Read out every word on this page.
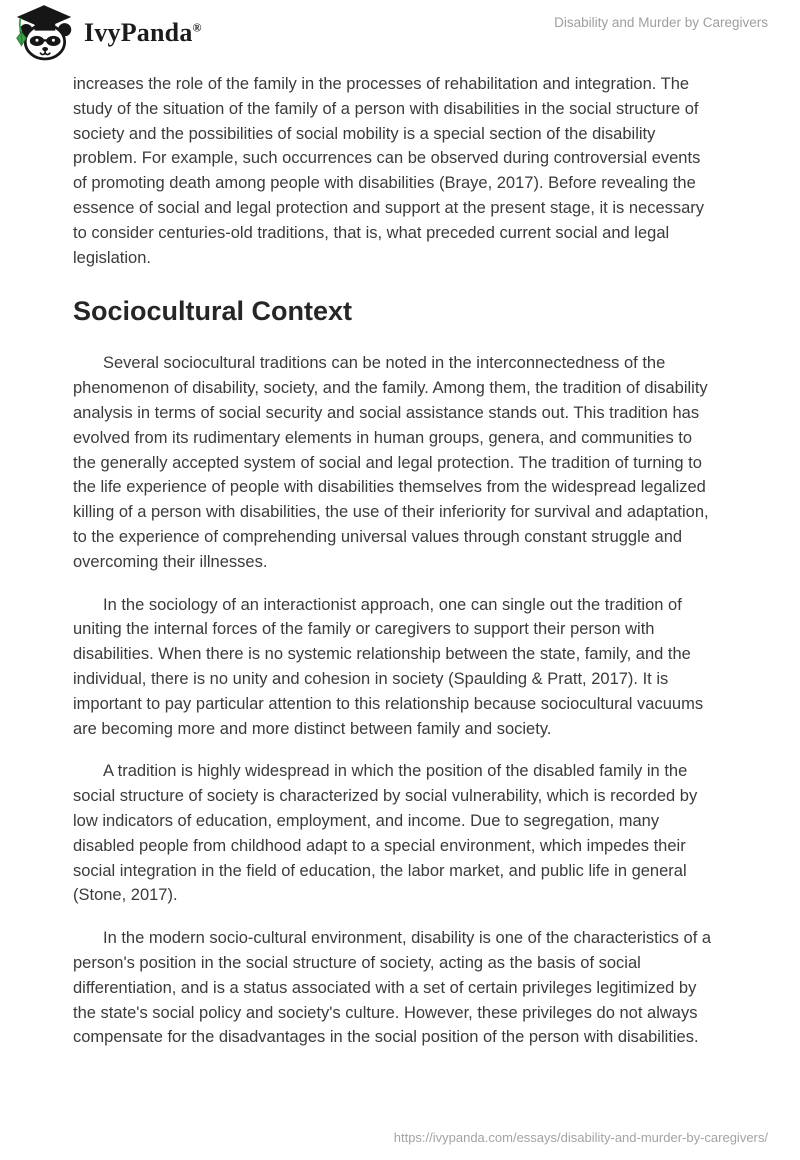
IvyPanda®	Disability and Murder by Caregivers

increases the role of the family in the processes of rehabilitation and integration. The study of the situation of the family of a person with disabilities in the social structure of society and the possibilities of social mobility is a special section of the disability problem. For example, such occurrences can be observed during controversial events of promoting death among people with disabilities (Braye, 2017). Before revealing the essence of social and legal protection and support at the present stage, it is necessary to consider centuries-old traditions, that is, what preceded current social and legal legislation.

Sociocultural Context

Several sociocultural traditions can be noted in the interconnectedness of the phenomenon of disability, society, and the family. Among them, the tradition of disability analysis in terms of social security and social assistance stands out. This tradition has evolved from its rudimentary elements in human groups, genera, and communities to the generally accepted system of social and legal protection. The tradition of turning to the life experience of people with disabilities themselves from the widespread legalized killing of a person with disabilities, the use of their inferiority for survival and adaptation, to the experience of comprehending universal values through constant struggle and overcoming their illnesses.

In the sociology of an interactionist approach, one can single out the tradition of uniting the internal forces of the family or caregivers to support their person with disabilities. When there is no systemic relationship between the state, family, and the individual, there is no unity and cohesion in society (Spaulding & Pratt, 2017). It is important to pay particular attention to this relationship because sociocultural vacuums are becoming more and more distinct between family and society.

A tradition is highly widespread in which the position of the disabled family in the social structure of society is characterized by social vulnerability, which is recorded by low indicators of education, employment, and income. Due to segregation, many disabled people from childhood adapt to a special environment, which impedes their social integration in the field of education, the labor market, and public life in general (Stone, 2017).

In the modern socio-cultural environment, disability is one of the characteristics of a person's position in the social structure of society, acting as the basis of social differentiation, and is a status associated with a set of certain privileges legitimized by the state's social policy and society's culture. However, these privileges do not always compensate for the disadvantages in the social position of the person with disabilities.

https://ivypanda.com/essays/disability-and-murder-by-caregivers/
